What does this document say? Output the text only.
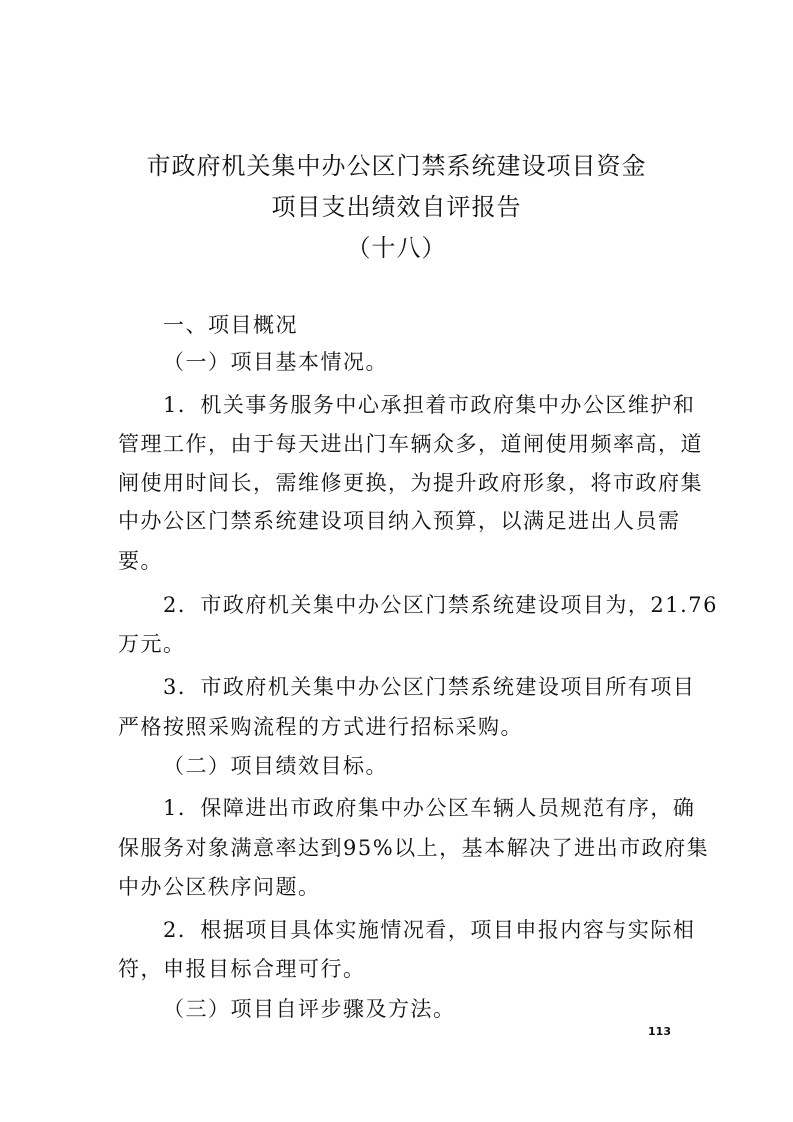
市政府机关集中办公区门禁系统建设项目资金
项目支出绩效自评报告
（十八）
一、项目概况
（一）项目基本情况。
1．机关事务服务中心承担着市政府集中办公区维护和
管理工作，由于每天进出门车辆众多，道闸使用频率高，道
闸使用时间长，需维修更换，为提升政府形象，将市政府集
中办公区门禁系统建设项目纳入预算，以满足进出人员需
要。
2．市政府机关集中办公区门禁系统建设项目为，21.76
万元。
3．市政府机关集中办公区门禁系统建设项目所有项目
严格按照采购流程的方式进行招标采购。
（二）项目绩效目标。
1．保障进出市政府集中办公区车辆人员规范有序，确
保服务对象满意率达到95%以上，基本解决了进出市政府集
中办公区秩序问题。
2．根据项目具体实施情况看，项目申报内容与实际相
符，申报目标合理可行。
（三）项目自评步骤及方法。
113
